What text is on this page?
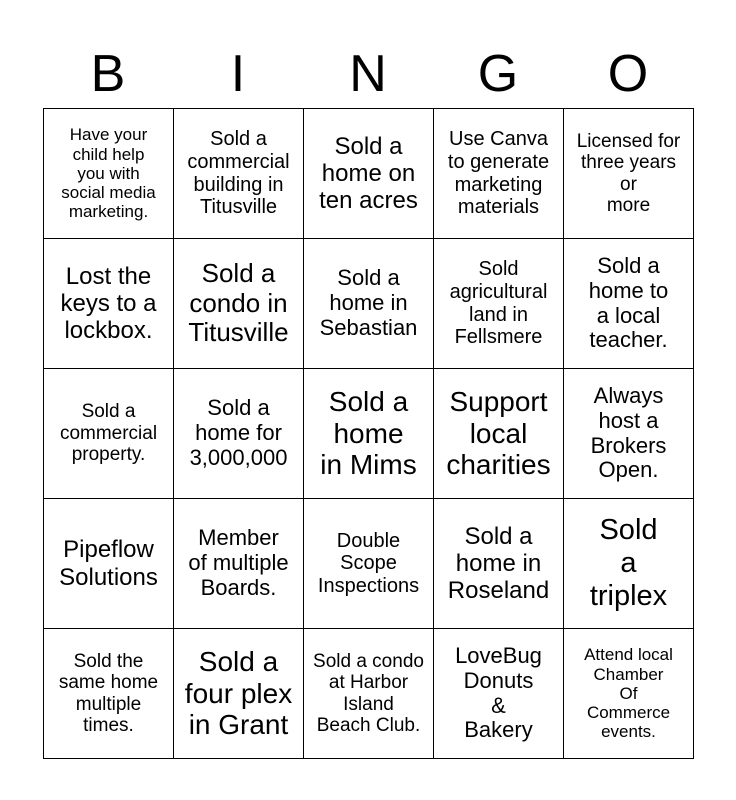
B	I	N	G	O
Have your
child help
you with
social media
marketing.	Sold a
commercial
building in
Titusville	Sold a
home on
ten acres	Use Canva
to generate
marketing
materials	Licensed for
three years
or
more

Lost the
keys to a
lockbox.	Sold a
condo in
Titusville	Sold a
home in
Sebastian	Sold
agricultural
land in
Fellsmere	Sold a
home to
a local
teacher.

Sold a
commercial
property.	Sold a
home for
3,000,000	Sold a
home
in Mims	Support
local
charities	Always
host a
Brokers
Open.

Pipeflow
Solutions	Member
of multiple
Boards.	Double
Scope
Inspections	Sold a
home in
Roseland	Sold
a
triplex

Sold the
same home
multiple
times.	Sold a
four plex
in Grant	Sold a condo
at Harbor
Island
Beach Club.	LoveBug
Donuts
&
Bakery	Attend local
Chamber
Of
Commerce
events.
